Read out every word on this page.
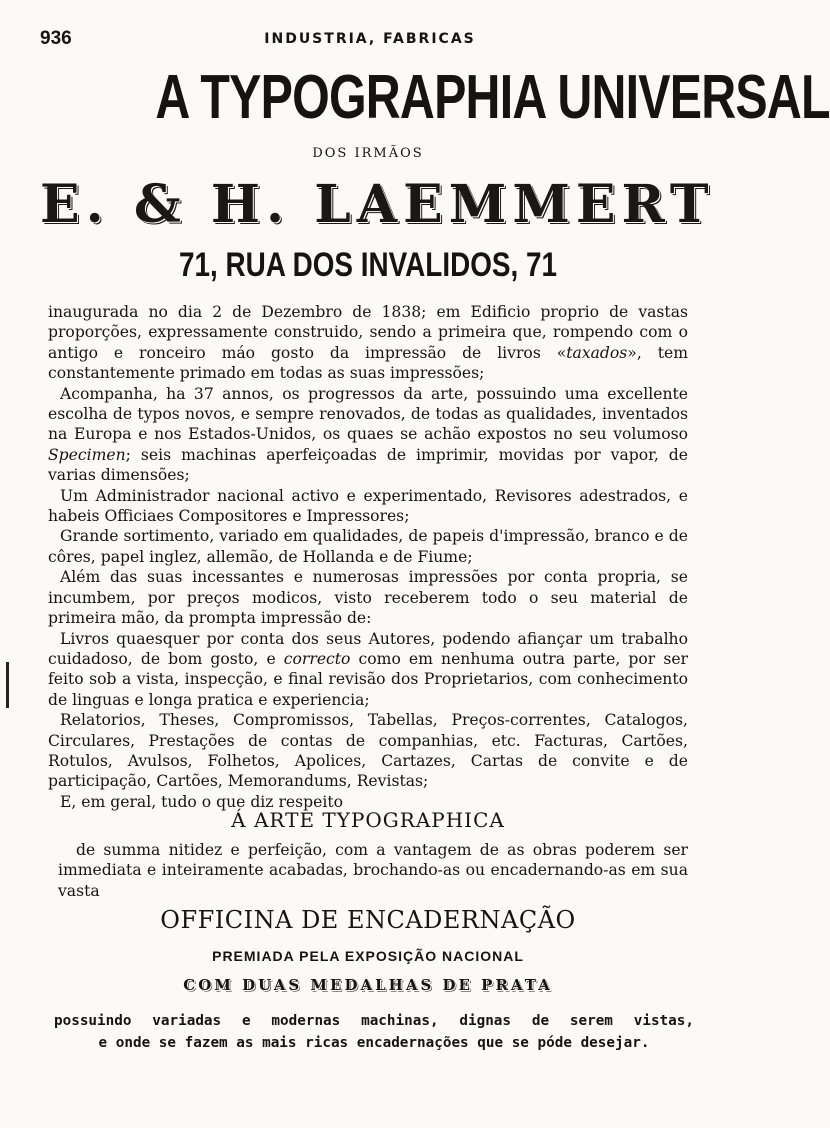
936	INDUSTRIA, FABRICAS
A TYPOGRAPHIA UNIVERSAL
DOS IRMÃOS
E. & H. LAEMMERT
71, RUA DOS INVALIDOS, 71

inaugurada no dia 2 de Dezembro de 1838; em Edificio proprio de vastas proporções, expressamente construido, sendo a primeira que, rompendo com o antigo e ronceiro máo gosto da impressão de livros «taxados», tem constantemente primado em todas as suas impressões;

Acompanha, ha 37 annos, os progressos da arte, possuindo uma excellente escolha de typos novos, e sempre renovados, de todas as qualidades, inventados na Europa e nos Estados-Unidos, os quaes se achão expostos no seu volumoso Specimen; seis machinas aperfeiçoadas de imprimir, movidas por vapor, de varias dimensões;

Um Administrador nacional activo e experimentado, Revisores adestrados, e habeis Officiaes Compositores e Impressores;

Grande sortimento, variado em qualidades, de papeis d'impressão, branco e de côres, papel inglez, allemão, de Hollanda e de Fiume;

Além das suas incessantes e numerosas impressões por conta propria, se incumbem, por preços modicos, visto receberem todo o seu material de primeira mão, da prompta impressão de:

Livros quaesquer por conta dos seus Autores, podendo afiançar um trabalho cuidadoso, de bom gosto, e correcto como em nenhuma outra parte, por ser feito sob a vista, inspecção, e final revisão dos Proprietarios, com conhecimento de linguas e longa pratica e experiencia;

Relatorios, Theses, Compromissos, Tabellas, Preços-correntes, Catalogos, Circulares, Prestações de contas de companhias, etc. Facturas, Cartões, Rotulos, Avulsos, Folhetos, Apolices, Cartazes, Cartas de convite e de participação, Cartões, Memorandums, Revistas;

E, em geral, tudo o que diz respeito

Á ARTE TYPOGRAPHICA

de summa nitidez e perfeição, com a vantagem de as obras poderem ser immediata e inteiramente acabadas, brochando-as ou encadernando-as em sua vasta

OFFICINA DE ENCADERNAÇÃO
PREMIADA PELA EXPOSIÇÃO NACIONAL
COM DUAS MEDALHAS DE PRATA
possuindo variadas e modernas machinas, dignas de serem vistas,
e onde se fazem as mais ricas encadernações que se póde desejar.
